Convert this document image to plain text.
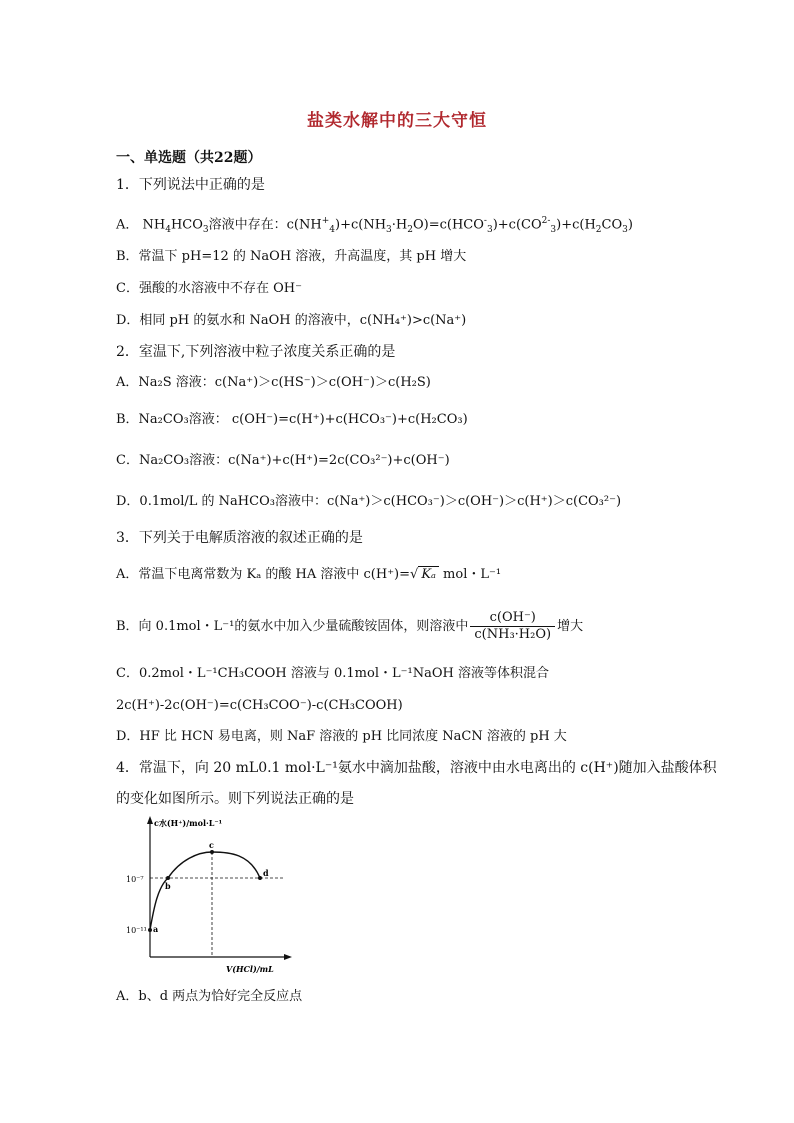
盐类水解中的三大守恒
一、单选题（共22题）
1．下列说法中正确的是
A． $NH_4HCO_3$溶液中存在：$c(NH^+_4)+c(NH_3\cdot H_2O)=c(HCO^-_3)+c(CO^{2-}_3)+c(H_2CO_3)$
B．常温下 pH=12 的 NaOH 溶液，升高温度，其 pH 增大
C．强酸的水溶液中不存在 OH⁻
D．相同 pH 的氨水和 NaOH 的溶液中，c(NH₄⁺)>c(Na⁺)
2．室温下,下列溶液中粒子浓度关系正确的是
A．Na₂S 溶液：c(Na⁺)＞c(HS⁻)＞c(OH⁻)＞c(H₂S)
B．Na₂CO₃溶液： c(OH⁻)=c(H⁺)+c(HCO₃⁻)+c(H₂CO₃)
C．Na₂CO₃溶液：c(Na⁺)+c(H⁺)=2c(CO₃²⁻)+c(OH⁻)
D．0.1mol/L 的 NaHCO₃溶液中：c(Na⁺)＞c(HCO₃⁻)＞c(OH⁻)＞c(H⁺)＞c(CO₃²⁻)
3．下列关于电解质溶液的叙述正确的是
A．常温下电离常数为 Kₐ 的酸 HA 溶液中 c(H⁺)=√ Kₐ mol・L⁻¹
B．向 0.1mol・L⁻¹的氨水中加入少量硫酸铵固体，则溶液中 $\frac{c(OH^-)}{\text{c(NH₃·H₂O)}}$ 增大
C．0.2mol・L⁻¹CH₃COOH 溶液与 0.1mol・L⁻¹NaOH 溶液等体积混合
2c(H⁺)-2c(OH⁻)=c(CH₃COO⁻)-c(CH₃COOH)
D．HF 比 HCN 易电离，则 NaF 溶液的 pH 比同浓度 NaCN 溶液的 pH 大
4．常温下，向 20 mL0.1 mol·L⁻¹氨水中滴加盐酸，溶液中由水电离出的 c(H⁺)随加入盐酸体积
的变化如图所示。则下列说法正确的是
c水(H⁺)/mol·L⁻¹
V(HCl)/mL
10⁻⁷
10⁻¹¹ a
b
c
d
A．b、d 两点为恰好完全反应点
